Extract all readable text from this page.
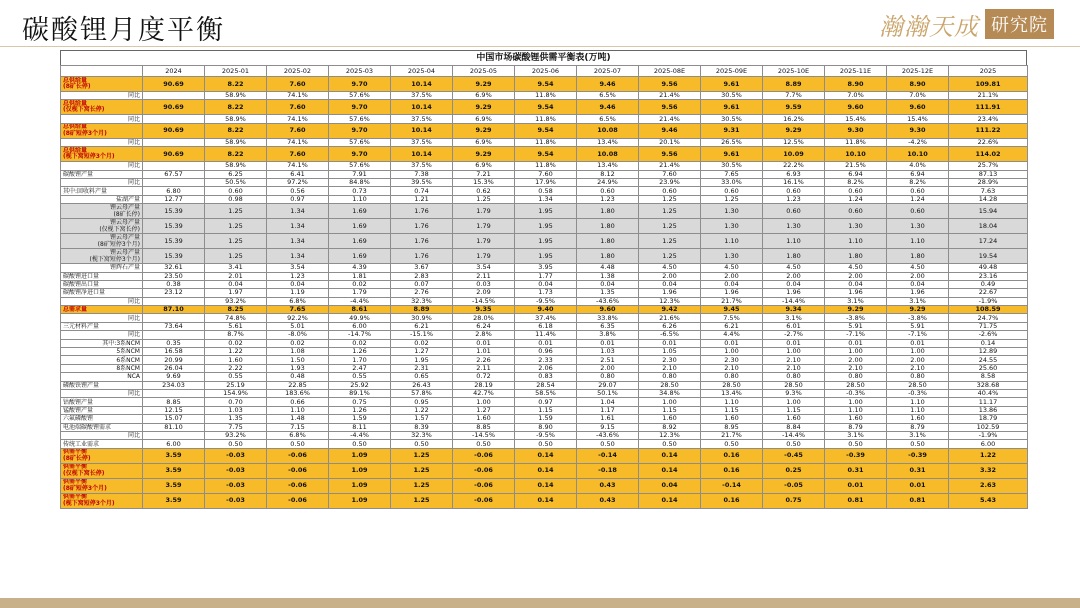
碳酸锂月度平衡	瀚瀚天成 研究院
中国市场碳酸锂供需平衡表(万吨)
	2024	2025-01	2025-02	2025-03	2025-04	2025-05	2025-06	2025-07	2025-08E	2025-09E	2025-10E	2025-11E	2025-12E	2025

总供给量
(8矿长停)	90.69	8.22	7.60	9.70	10.14	9.29	9.54	9.46	9.56	9.61	8.89	8.90	8.90	109.81

同比		58.9%	74.1%	57.6%	37.5%	6.9%	11.8%	6.5%	21.4%	30.5%	7.7%	7.0%	7.0%	21.1%

总供给量
(仅枧下窝长停)	90.69	8.22	7.60	9.70	10.14	9.29	9.54	9.46	9.56	9.61	9.59	9.60	9.60	111.91

同比		58.9%	74.1%	57.6%	37.5%	6.9%	11.8%	6.5%	21.4%	30.5%	16.2%	15.4%	15.4%	23.4%

总供给量
(8矿短停3个月)	90.69	8.22	7.60	9.70	10.14	9.29	9.54	10.08	9.46	9.31	9.29	9.30	9.30	111.22

同比		58.9%	74.1%	57.6%	37.5%	6.9%	11.8%	13.4%	20.1%	26.5%	12.5%	11.8%	-4.2%	22.6%

总供给量
(枧下窝短停3个月)	90.69	8.22	7.60	9.70	10.14	9.29	9.54	10.08	9.56	9.61	10.09	10.10	10.10	114.02

同比		58.9%	74.1%	57.6%	37.5%	6.9%	11.8%	13.4%	21.4%	30.5%	22.2%	21.5%	4.0%	25.7%

碳酸锂产量	67.57	6.25	6.41	7.91	7.38	7.21	7.60	8.12	7.60	7.65	6.93	6.94	6.94	87.13

同比		50.5%	97.2%	84.8%	39.5%	15.3%	17.9%	24.9%	23.9%	33.0%	16.1%	8.2%	8.2%	28.9%

其中:回收料产量	6.80	0.60	0.56	0.73	0.74	0.62	0.58	0.60	0.60	0.60	0.60	0.60	0.60	7.63

盐湖产量	12.77	0.98	0.97	1.10	1.21	1.25	1.34	1.23	1.25	1.25	1.23	1.24	1.24	14.28

锂云母产量
(8矿长停)	15.39	1.25	1.34	1.69	1.76	1.79	1.95	1.80	1.25	1.30	0.60	0.60	0.60	15.94

锂云母产量
(仅枧下窝长停)	15.39	1.25	1.34	1.69	1.76	1.79	1.95	1.80	1.25	1.30	1.30	1.30	1.30	18.04

锂云母产量
(8矿短停3个月)	15.39	1.25	1.34	1.69	1.76	1.79	1.95	1.80	1.25	1.10	1.10	1.10	1.10	17.24

锂云母产量
(枧下窝短停3个月)	15.39	1.25	1.34	1.69	1.76	1.79	1.95	1.80	1.25	1.30	1.80	1.80	1.80	19.54

锂辉石产量	32.61	3.41	3.54	4.39	3.67	3.54	3.95	4.48	4.50	4.50	4.50	4.50	4.50	49.48

碳酸锂进口量	23.50	2.01	1.23	1.81	2.83	2.11	1.77	1.38	2.00	2.00	2.00	2.00	2.00	23.16

碳酸锂出口量	0.38	0.04	0.04	0.02	0.07	0.03	0.04	0.04	0.04	0.04	0.04	0.04	0.04	0.49

碳酸锂净进口量	23.12	1.97	1.19	1.79	2.76	2.09	1.73	1.35	1.96	1.96	1.96	1.96	1.96	22.67

同比		93.2%	6.8%	-4.4%	32.3%	-14.5%	-9.5%	-43.6%	12.3%	21.7%	-14.4%	3.1%	3.1%	-1.9%

总需求量	87.10	8.25	7.65	8.61	8.89	9.35	9.40	9.60	9.42	9.45	9.34	9.29	9.29	108.59

同比		74.8%	92.2%	49.9%	30.9%	28.0%	37.4%	33.8%	21.6%	7.5%	3.1%	-3.8%	-3.8%	24.7%

三元材料产量	73.64	5.61	5.01	6.00	6.21	6.24	6.18	6.35	6.26	6.21	6.01	5.91	5.91	71.75

同比		8.7%	-8.0%	-14.7%	-15.1%	2.8%	11.4%	3.8%	-6.5%	4.4%	-2.7%	-7.1%	-7.1%	-2.6%

其中:3系NCM	0.35	0.02	0.02	0.02	0.02	0.01	0.01	0.01	0.01	0.01	0.01	0.01	0.01	0.14

5系NCM	16.58	1.22	1.08	1.26	1.27	1.01	0.96	1.03	1.05	1.00	1.00	1.00	1.00	12.89

6系NCM	20.99	1.60	1.50	1.70	1.95	2.26	2.33	2.51	2.30	2.30	2.10	2.00	2.00	24.55

8系NCM	26.04	2.22	1.93	2.47	2.31	2.11	2.06	2.00	2.10	2.10	2.10	2.10	2.10	25.60

NCA	9.69	0.55	0.48	0.55	0.65	0.72	0.83	0.80	0.80	0.80	0.80	0.80	0.80	8.58

磷酸铁锂产量	234.03	25.19	22.85	25.92	26.43	28.19	28.54	29.07	28.50	28.50	28.50	28.50	28.50	328.68

同比		154.9%	183.6%	89.1%	57.8%	42.7%	58.5%	50.1%	34.8%	13.4%	9.3%	-0.3%	-0.3%	40.4%

钴酸锂产量	8.85	0.70	0.66	0.75	0.95	1.00	0.97	1.04	1.00	1.10	1.00	1.00	1.10	11.17

锰酸锂产量	12.15	1.03	1.10	1.26	1.22	1.27	1.15	1.17	1.15	1.15	1.15	1.10	1.10	13.86

六氟磷酸锂	15.07	1.35	1.48	1.59	1.57	1.60	1.59	1.61	1.60	1.60	1.60	1.60	1.60	18.79

电池端碳酸锂需求	81.10	7.75	7.15	8.11	8.39	8.85	8.90	9.15	8.92	8.95	8.84	8.79	8.79	102.59

同比		93.2%	6.8%	-4.4%	32.3%	-14.5%	-9.5%	-43.6%	12.3%	21.7%	-14.4%	3.1%	3.1%	-1.9%

传统工业需求	6.00	0.50	0.50	0.50	0.50	0.50	0.50	0.50	0.50	0.50	0.50	0.50	0.50	6.00

供需平衡
(8矿长停)	3.59	-0.03	-0.06	1.09	1.25	-0.06	0.14	-0.14	0.14	0.16	-0.45	-0.39	-0.39	1.22

供需平衡
(仅枧下窝长停)	3.59	-0.03	-0.06	1.09	1.25	-0.06	0.14	-0.18	0.14	0.16	0.25	0.31	0.31	3.32

供需平衡
(8矿短停3个月)	3.59	-0.03	-0.06	1.09	1.25	-0.06	0.14	0.43	0.04	-0.14	-0.05	0.01	0.01	2.63

供需平衡
(枧下窝短停3个月)	3.59	-0.03	-0.06	1.09	1.25	-0.06	0.14	0.43	0.14	0.16	0.75	0.81	0.81	5.43
